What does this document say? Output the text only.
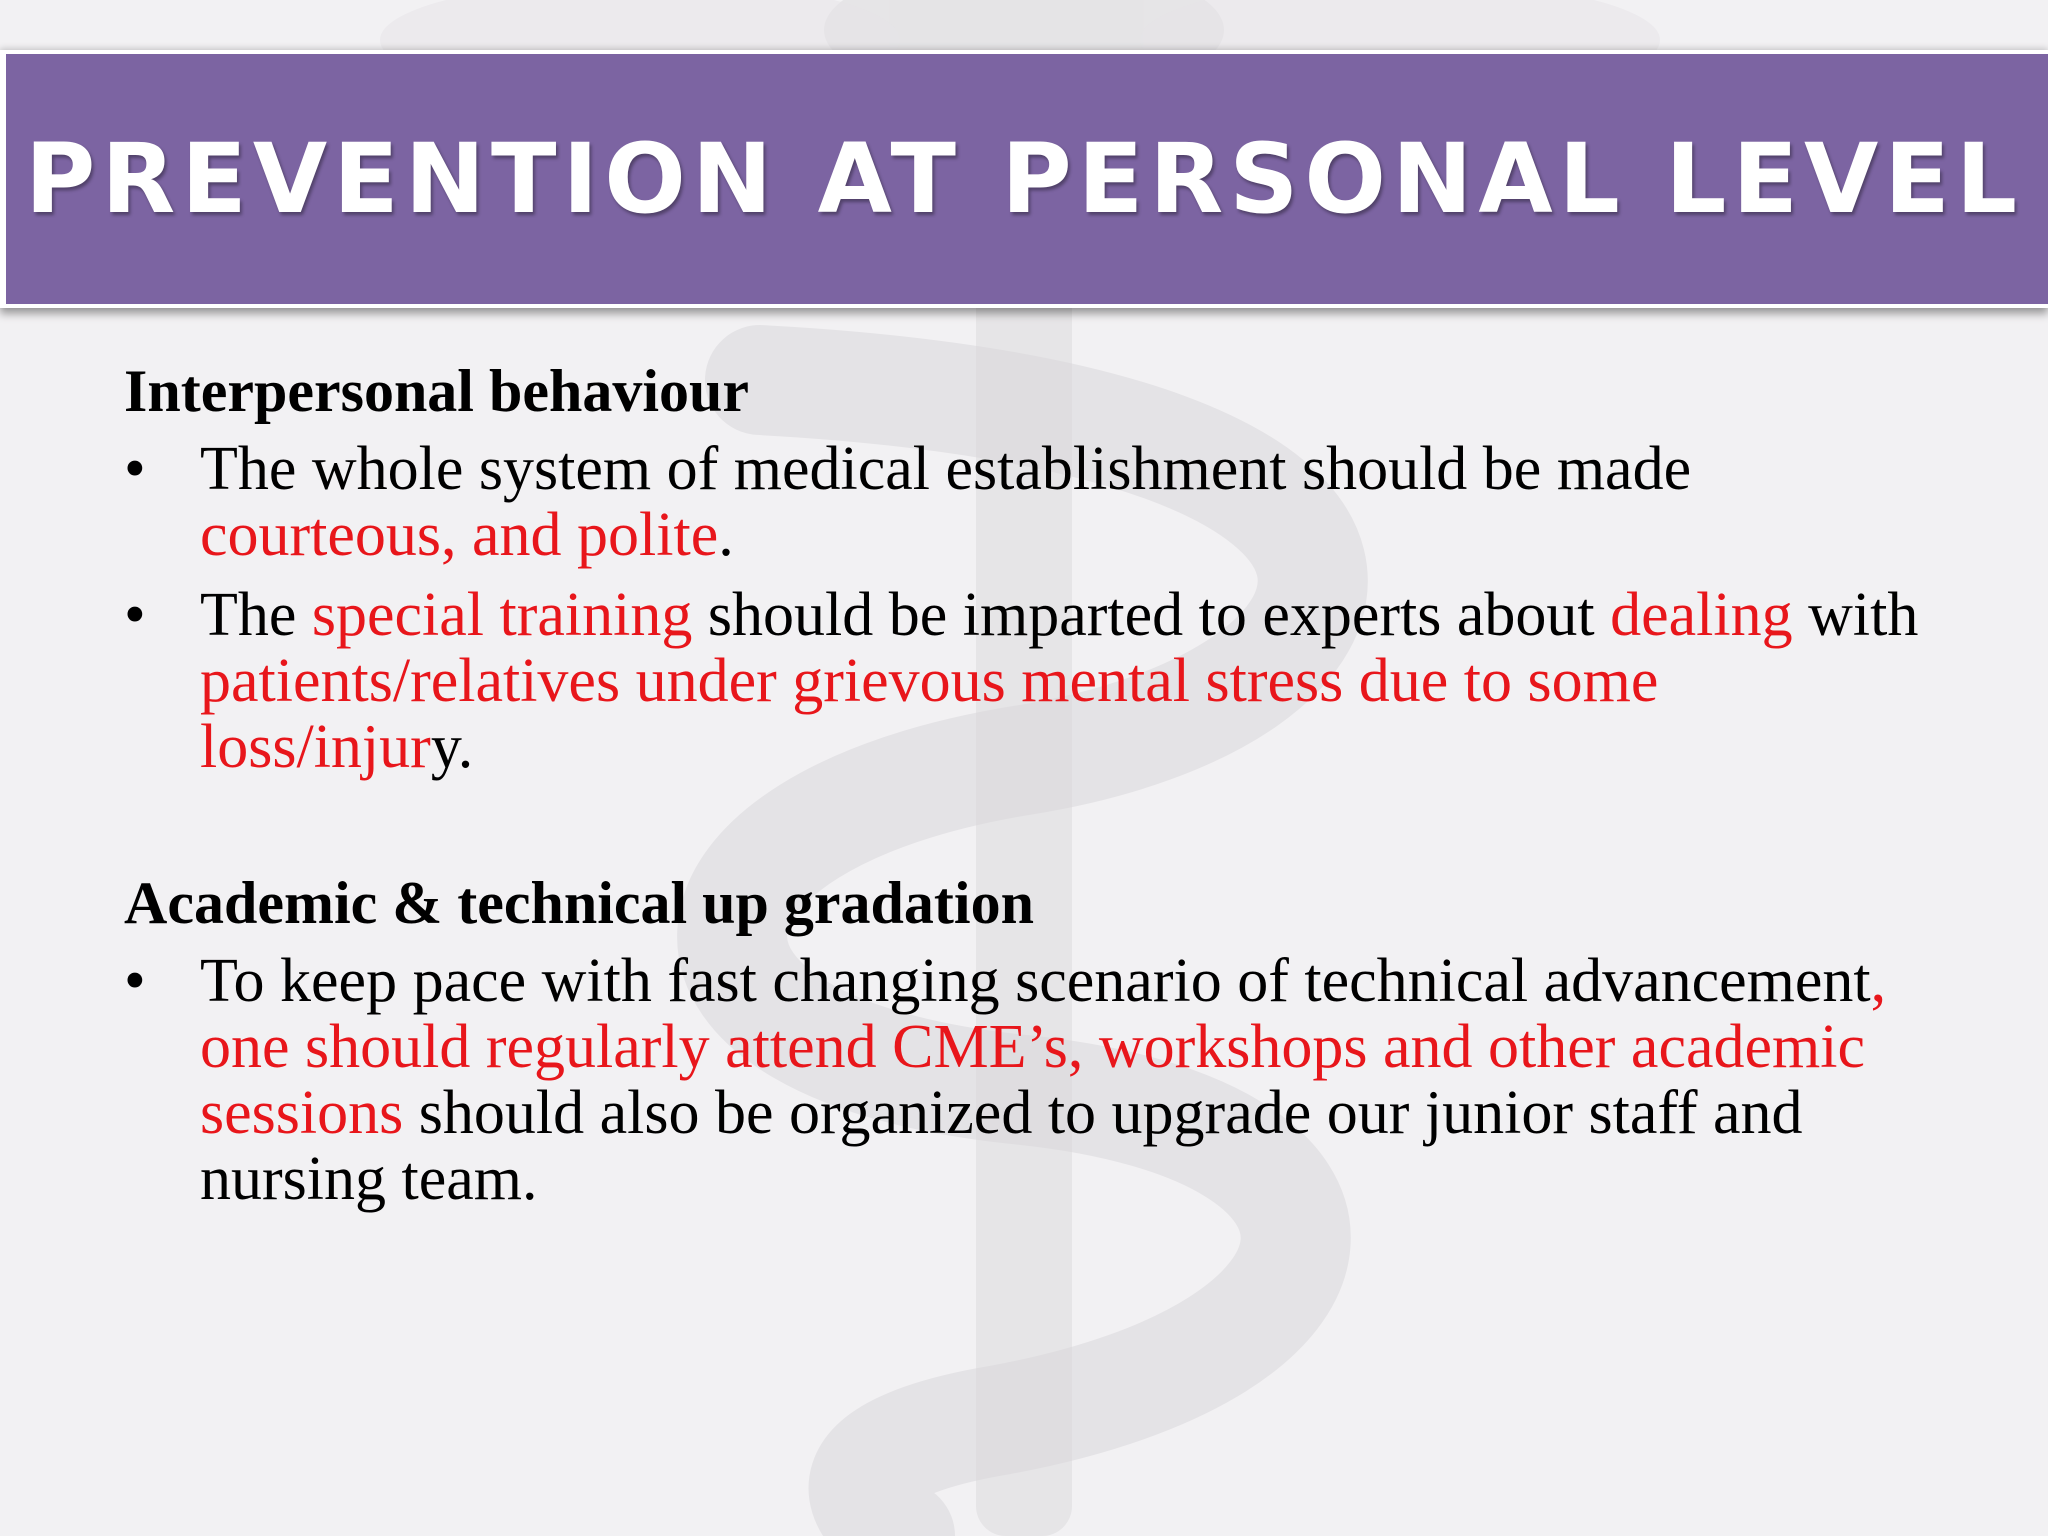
PREVENTION AT PERSONAL LEVEL
Interpersonal behaviour
• The whole system of medical establishment should be made courteous, and polite.
• The special training should be imparted to experts about dealing with patients/relatives under grievous mental stress due to some loss/injury.
Academic & technical up gradation
• To keep pace with fast changing scenario of technical advancement, one should regularly attend CME’s, workshops and other academic sessions should also be organized to upgrade our junior staff and nursing team.
